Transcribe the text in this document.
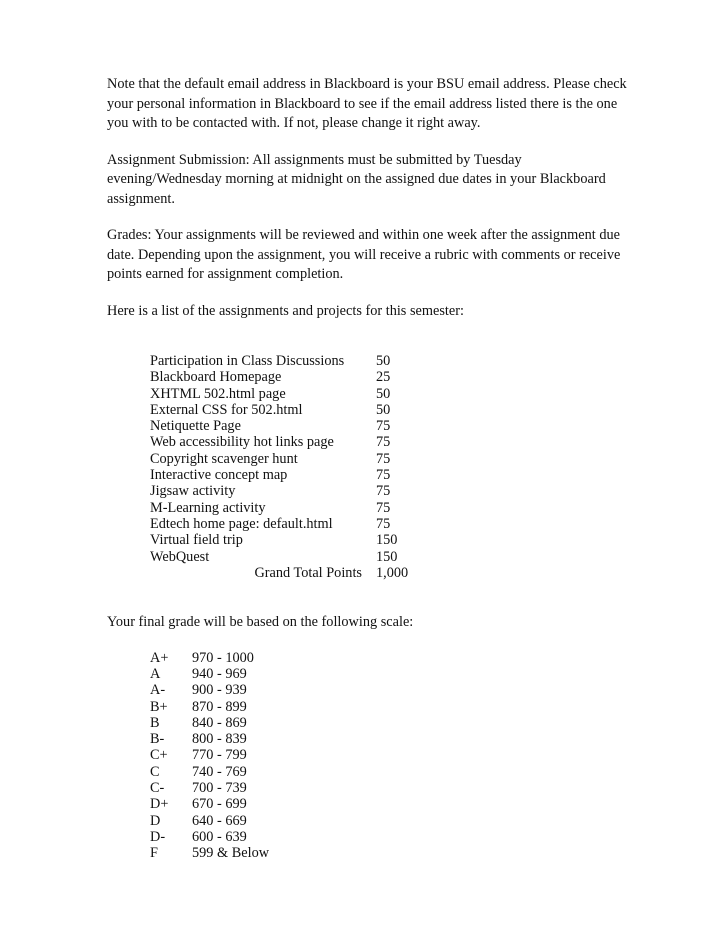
Note that the default email address in Blackboard is your BSU email address. Please check your personal information in Blackboard to see if the email address listed there is the one you with to be contacted with. If not, please change it right away.

Assignment Submission: All assignments must be submitted by Tuesday evening/Wednesday morning at midnight on the assigned due dates in your Blackboard assignment.

Grades: Your assignments will be reviewed and within one week after the assignment due date. Depending upon the assignment, you will receive a rubric with comments or receive points earned for assignment completion.

Here is a list of the assignments and projects for this semester:

Participation in Class Discussions	50
Blackboard Homepage	25
XHTML 502.html page	50
External CSS for 502.html	50
Netiquette Page	75
Web accessibility hot links page	75
Copyright scavenger hunt	75
Interactive concept map	75
Jigsaw activity	75
M-Learning activity	75
Edtech home page: default.html	75
Virtual field trip	150
WebQuest	150
Grand Total Points	1,000

Your final grade will be based on the following scale:

A+	970 - 1000
A	940 - 969
A-	900 - 939
B+	870 - 899
B	840 - 869
B-	800 - 839
C+	770 - 799
C	740 - 769
C-	700 - 739
D+	670 - 699
D	640 - 669
D-	600 - 639
F	599 & Below
